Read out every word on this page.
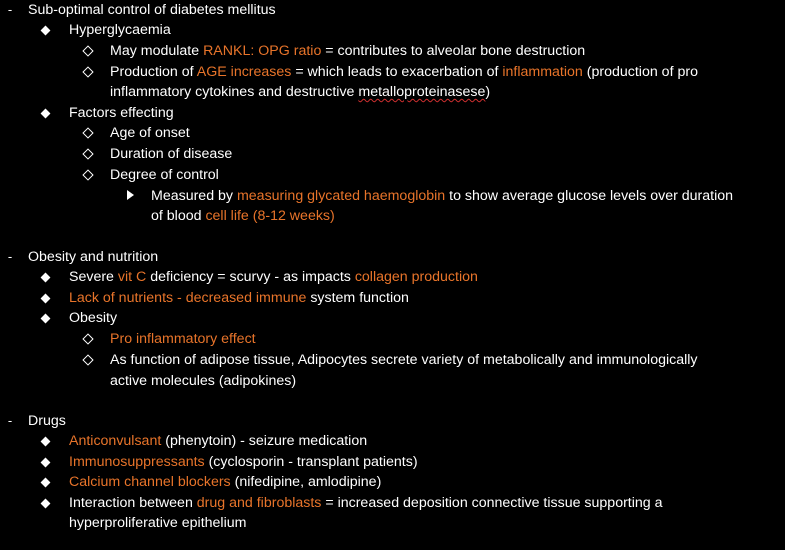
-	Sub-optimal control of diabetes mellitus
Hyperglycaemia
May modulate RANKL: OPG ratio = contributes to alveolar bone destruction
Production of AGE increases = which leads to exacerbation of inflammation (production of pro
inflammatory cytokines and destructive metalloproteinasese)
Factors effecting
Age of onset
Duration of disease
Degree of control
Measured by measuring glycated haemoglobin to show average glucose levels over duration
of blood cell life (8-12 weeks)
-	Obesity and nutrition
Severe vit C deficiency = scurvy - as impacts collagen production
Lack of nutrients - decreased immune system function
Obesity
Pro inflammatory effect
As function of adipose tissue, Adipocytes secrete variety of metabolically and immunologically
active molecules (adipokines)
-	Drugs
Anticonvulsant (phenytoin) - seizure medication
Immunosuppressants (cyclosporin - transplant patients)
Calcium channel blockers (nifedipine, amlodipine)
Interaction between drug and fibroblasts = increased deposition connective tissue supporting a
hyperproliferative epithelium
